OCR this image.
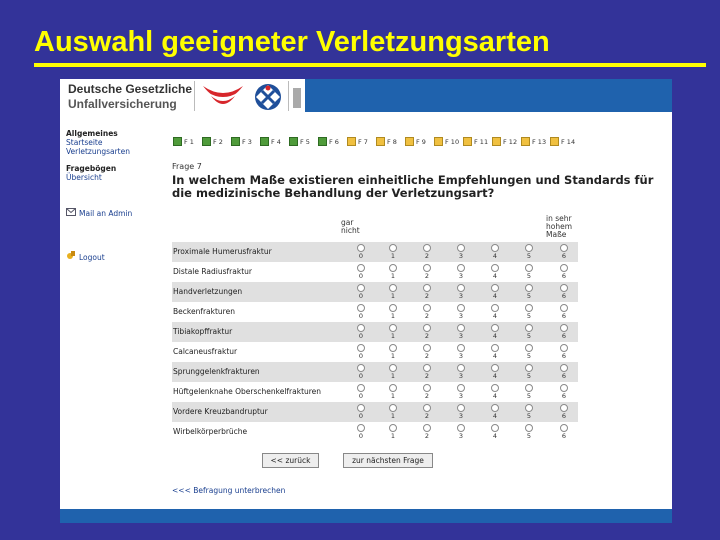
Auswahl geeigneter Verletzungsarten
Deutsche Gesetzliche
Unfallversicherung
Allgemeines
Startseite
Verletzungsarten
Fragebögen
Übersicht
Mail an Admin
Logout
F 1	F 2	F 3	F 4	F 5	F 6	F 7	F 8	F 9	F 10 F 11 F 12 F 13 F 14
Frage 7
In welchem Maße existieren einheitliche Empfehlungen und Standards für die medizinische Behandlung der Verletzungsart?
gar
nicht
in sehr
hohem
Maße
Proximale Humerusfraktur	0	1	2	3	4	5	6
Distale Radiusfraktur	0	1	2	3	4	5	6
Handverletzungen	0	1	2	3	4	5	6
Beckenfrakturen	0	1	2	3	4	5	6
Tibiakopffraktur	0	1	2	3	4	5	6
Calcaneusfraktur	0	1	2	3	4	5	6
Sprunggelenkfrakturen	0	1	2	3	4	5	6
Hüftgelenknahe Oberschenkelfrakturen	0	1	2	3	4	5	6
Vordere Kreuzbandruptur	0	1	2	3	4	5	6
Wirbelkörperbrüche	0	1	2	3	4	5	6
<< zurück	zur nächsten Frage
<<< Befragung unterbrechen
